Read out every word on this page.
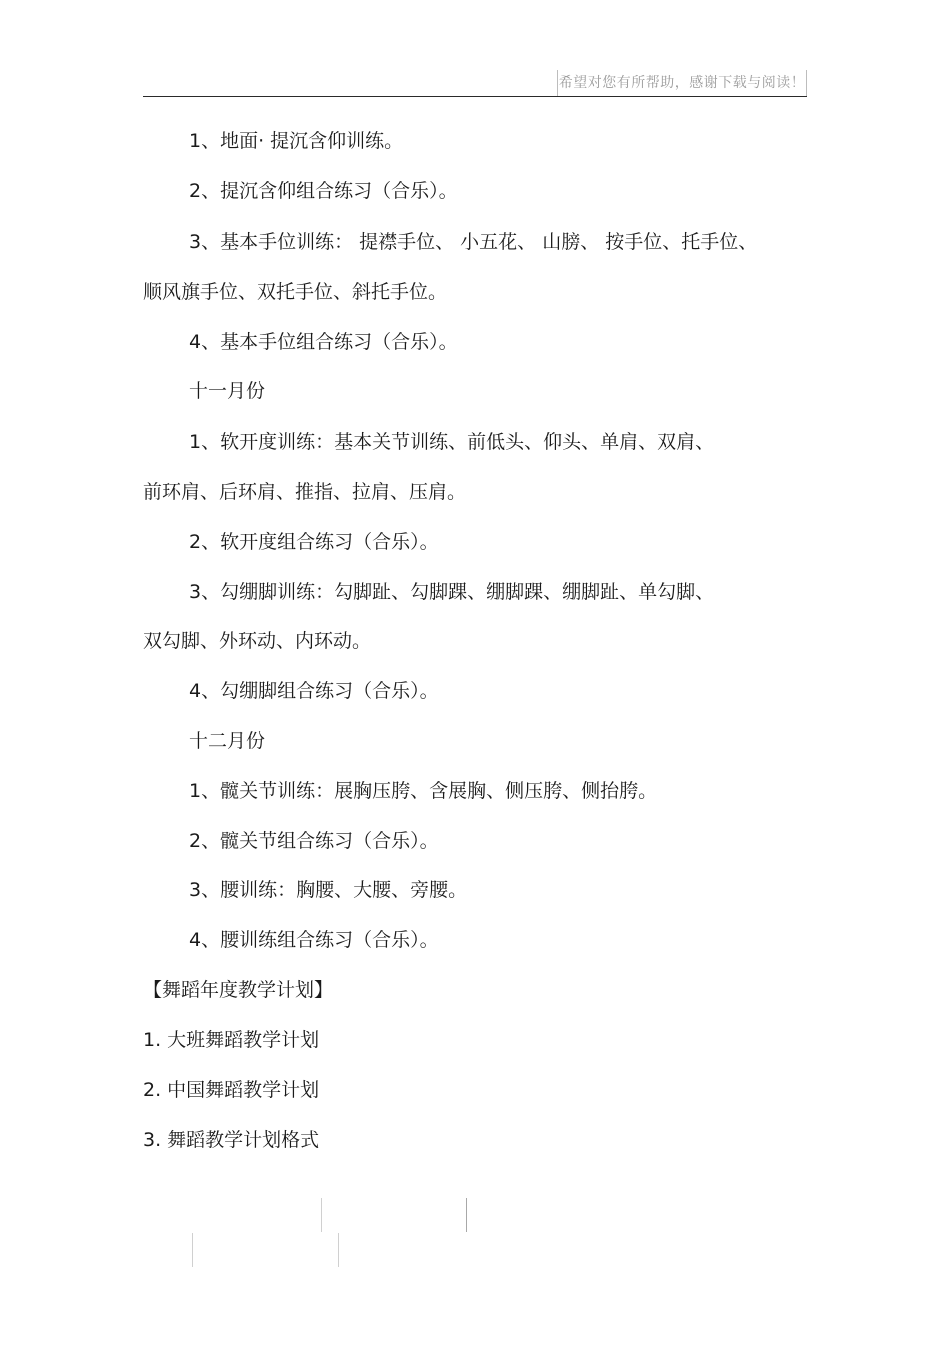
希望对您有所帮助，感谢下载与阅读！
1、地面· 提沉含仰训练。
2、提沉含仰组合练习（合乐）。
3、基本手位训练： 提襟手位、 小五花、 山膀、 按手位、托手位、
顺风旗手位、双托手位、斜托手位。
4、基本手位组合练习（合乐）。
十一月份
1、软开度训练：基本关节训练、前低头、仰头、单肩、双肩、
前环肩、后环肩、推指、拉肩、压肩。
2、软开度组合练习（合乐）。
3、勾绷脚训练：勾脚趾、勾脚踝、绷脚踝、绷脚趾、单勾脚、
双勾脚、外环动、内环动。
4、勾绷脚组合练习（合乐）。
十二月份
1、髋关节训练：展胸压胯、含展胸、侧压胯、侧抬胯。
2、髋关节组合练习（合乐）。
3、腰训练：胸腰、大腰、旁腰。
4、腰训练组合练习（合乐）。
【舞蹈年度教学计划】
1. 大班舞蹈教学计划
2. 中国舞蹈教学计划
3. 舞蹈教学计划格式
